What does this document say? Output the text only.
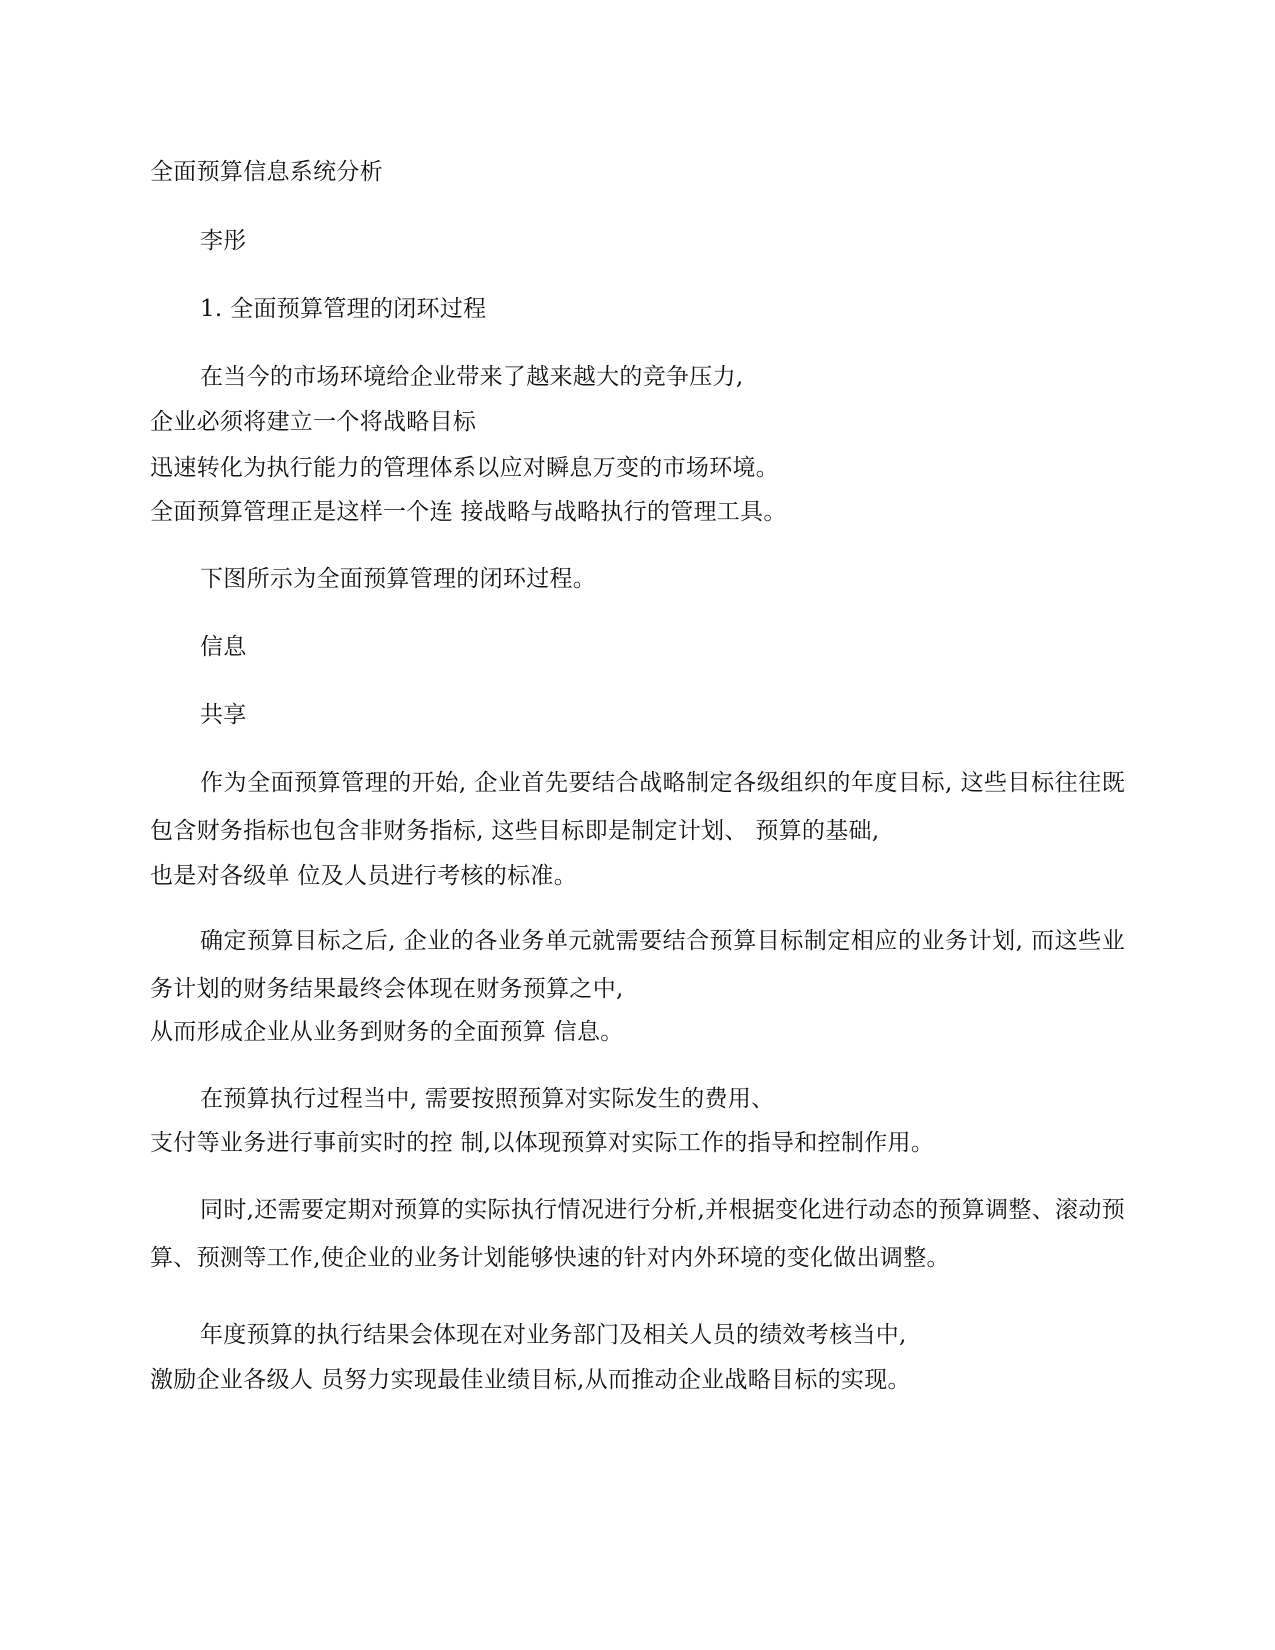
全面预算信息系统分析
李彤
1. 全面预算管理的闭环过程
在当今的市场环境给企业带来了越来越大的竞争压力,
企业必须将建立一个将战略目标
迅速转化为执行能力的管理体系以应对瞬息万变的市场环境。
全面预算管理正是这样一个连 接战略与战略执行的管理工具。
下图所示为全面预算管理的闭环过程。
信息
共享
作为全面预算管理的开始, 企业首先要结合战略制定各级组织的年度目标, 这些目标往往既包含财务指标也包含非财务指标, 这些目标即是制定计划、 预算的基础,
也是对各级单 位及人员进行考核的标准。
确定预算目标之后, 企业的各业务单元就需要结合预算目标制定相应的业务计划, 而这些业务计划的财务结果最终会体现在财务预算之中,
从而形成企业从业务到财务的全面预算 信息。
在预算执行过程当中, 需要按照预算对实际发生的费用、
支付等业务进行事前实时的控 制,以体现预算对实际工作的指导和控制作用。
同时,还需要定期对预算的实际执行情况进行分析,并根据变化进行动态的预算调整、滚动预算、预测等工作,使企业的业务计划能够快速的针对内外环境的变化做出调整。
年度预算的执行结果会体现在对业务部门及相关人员的绩效考核当中,
激励企业各级人 员努力实现最佳业绩目标,从而推动企业战略目标的实现。
